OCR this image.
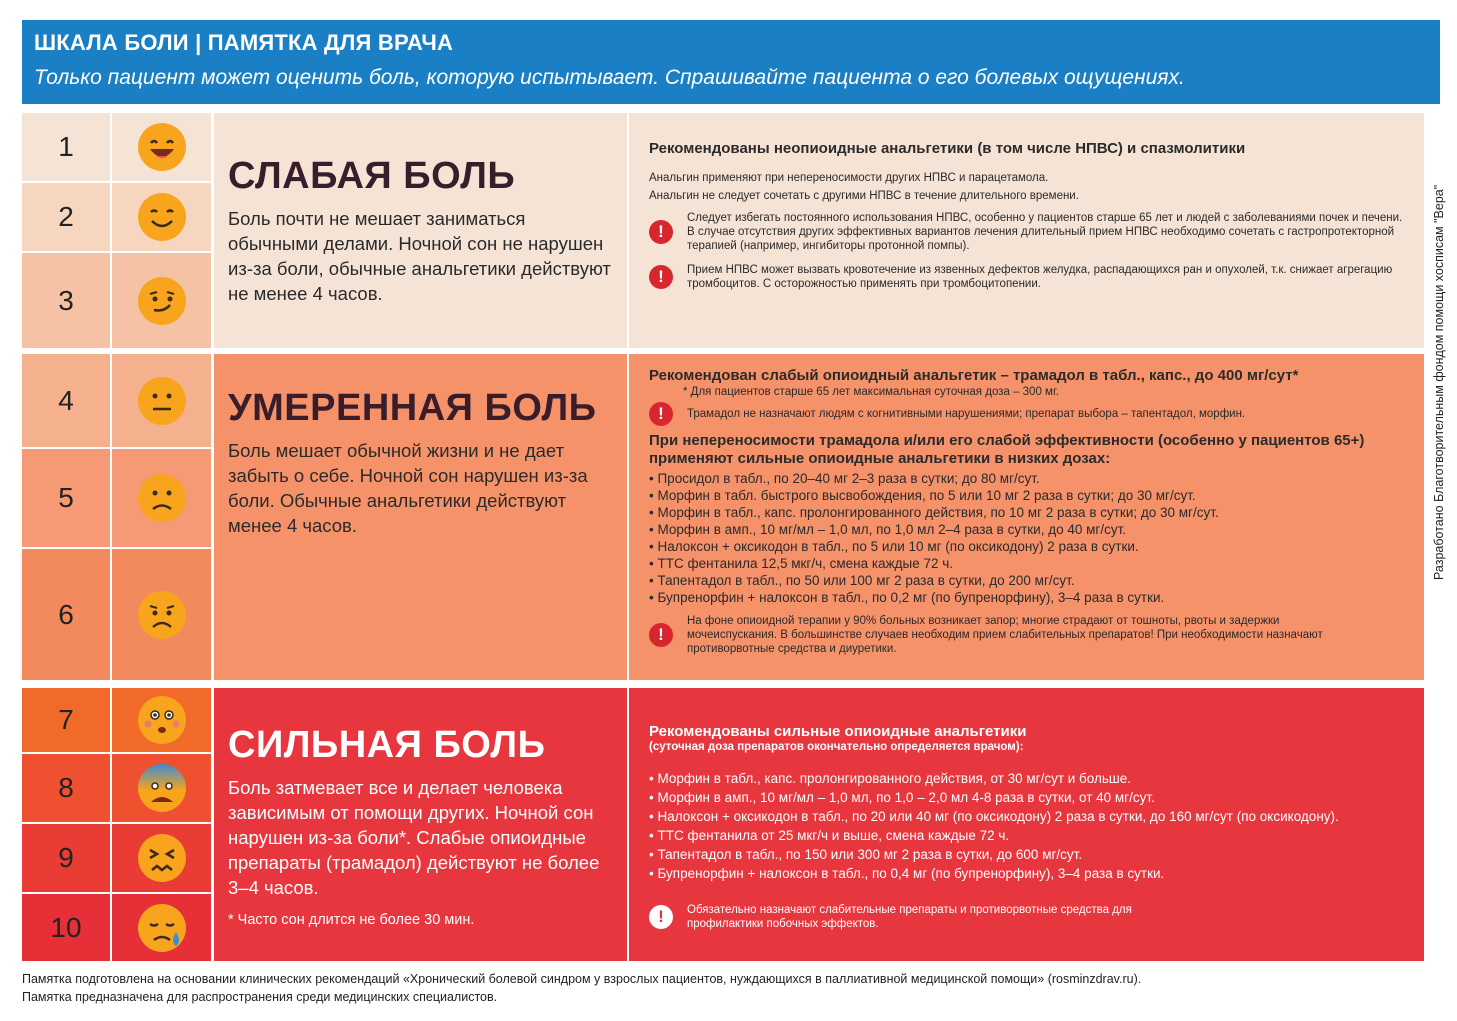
ШКАЛА БОЛИ | ПАМЯТКА ДЛЯ ВРАЧА
Только пациент может оценить боль, которую испытывает. Спрашивайте пациента о его болевых ощущениях.
Разработано Благотворительным фондом помощи хосписам "Вера"
1
2
3
СЛАБАЯ БОЛЬ

Боль почти не мешает заниматься обычными делами. Ночной сон не нарушен из-за боли, обычные анальгетики действуют не менее 4 часов.

Рекомендованы неопиоидные анальгетики (в том числе НПВС) и спазмолитики
Анальгин применяют при непереносимости других НПВС и парацетамола.
Анальгин не следует сочетать с другими НПВС в течение длительного времени.
!
Следует избегать постоянного использования НПВС, особенно у пациентов старше 65 лет и людей с заболеваниями почек и печени. В случае отсутствия других эффективных вариантов лечения длительный прием НПВС необходимо сочетать с гастропротекторной терапией (например, ингибиторы протонной помпы).
!	Прием НПВС может вызвать кровотечение из язвенных дефектов желудка, распадающихся ран и опухолей, т.к. снижает агрегацию тромбоцитов. С осторожностью применять при тромбоцитопении.
4
5
6
УМЕРЕННАЯ БОЛЬ

Боль мешает обычной жизни и не дает забыть о себе. Ночной сон нарушен из-за боли. Обычные анальгетики действуют менее 4 часов.

Рекомендован слабый опиоидный анальгетик – трамадол в табл., капс., до 400 мг/сут*
* Для пациентов старше 65 лет максимальная суточная доза – 300 мг.
!	Трамадол не назначают людям с когнитивными нарушениями; препарат выбора – тапентадол, морфин.
При непереносимости трамадола и/или его слабой эффективности (особенно у пациентов 65+) применяют сильные опиоидные анальгетики в низких дозах:
• Просидол в табл., по 20–40 мг 2–3 раза в сутки; до 80 мг/сут.
• Морфин в табл. быстрого высвобождения, по 5 или 10 мг 2 раза в сутки; до 30 мг/сут.
• Морфин в табл., капс. пролонгированного действия, по 10 мг 2 раза в сутки; до 30 мг/сут.
• Морфин в амп., 10 мг/мл – 1,0 мл, по 1,0 мл 2–4 раза в сутки, до 40 мг/сут.
• Налоксон + оксикодон в табл., по 5 или 10 мг (по оксикодону) 2 раза в сутки.
• ТТС фентанила 12,5 мкг/ч, смена каждые 72 ч.
• Тапентадол в табл., по 50 или 100 мг 2 раза в сутки, до 200 мг/сут.
• Бупренорфин + налоксон в табл., по 0,2 мг (по бупренорфину), 3–4 раза в сутки.
!
На фоне опиоидной терапии у 90% больных возникает запор; многие страдают от тошноты, рвоты и задержки мочеиспускания. В большинстве случаев необходим прием слабительных препаратов! При необходимости назначают противорвотные средства и диуретики.
7
8
9
10
СИЛЬНАЯ БОЛЬ

Боль затмевает все и делает человека зависимым от помощи других. Ночной сон нарушен из-за боли*. Слабые опиоидные препараты (трамадол) действуют не более 3–4 часов.

* Часто сон длится не более 30 мин.
Рекомендованы сильные опиоидные анальгетики
(суточная доза препаратов окончательно определяется врачом):
• Морфин в табл., капс. пролонгированного действия, от 30 мг/сут и больше.
• Морфин в амп., 10 мг/мл – 1,0 мл, по 1,0 – 2,0 мл 4-8 раза в сутки, от 40 мг/сут.
• Налоксон + оксикодон в табл., по 20 или 40 мг (по оксикодону) 2 раза в сутки, до 160 мг/сут (по оксикодону).
• ТТС фентанила от 25 мкг/ч и выше, смена каждые 72 ч.
• Тапентадол в табл., по 150 или 300 мг 2 раза в сутки, до 600 мг/сут.
• Бупренорфин + налоксон в табл., по 0,4 мг (по бупренорфину), 3–4 раза в сутки.
!	Обязательно назначают слабительные препараты и противорвотные средства для профилактики побочных эффектов.
Памятка подготовлена на основании клинических рекомендаций «Хронический болевой синдром у взрослых пациентов, нуждающихся в паллиативной медицинской помощи» (rosminzdrav.ru).
Памятка предназначена для распространения среди медицинских специалистов.
